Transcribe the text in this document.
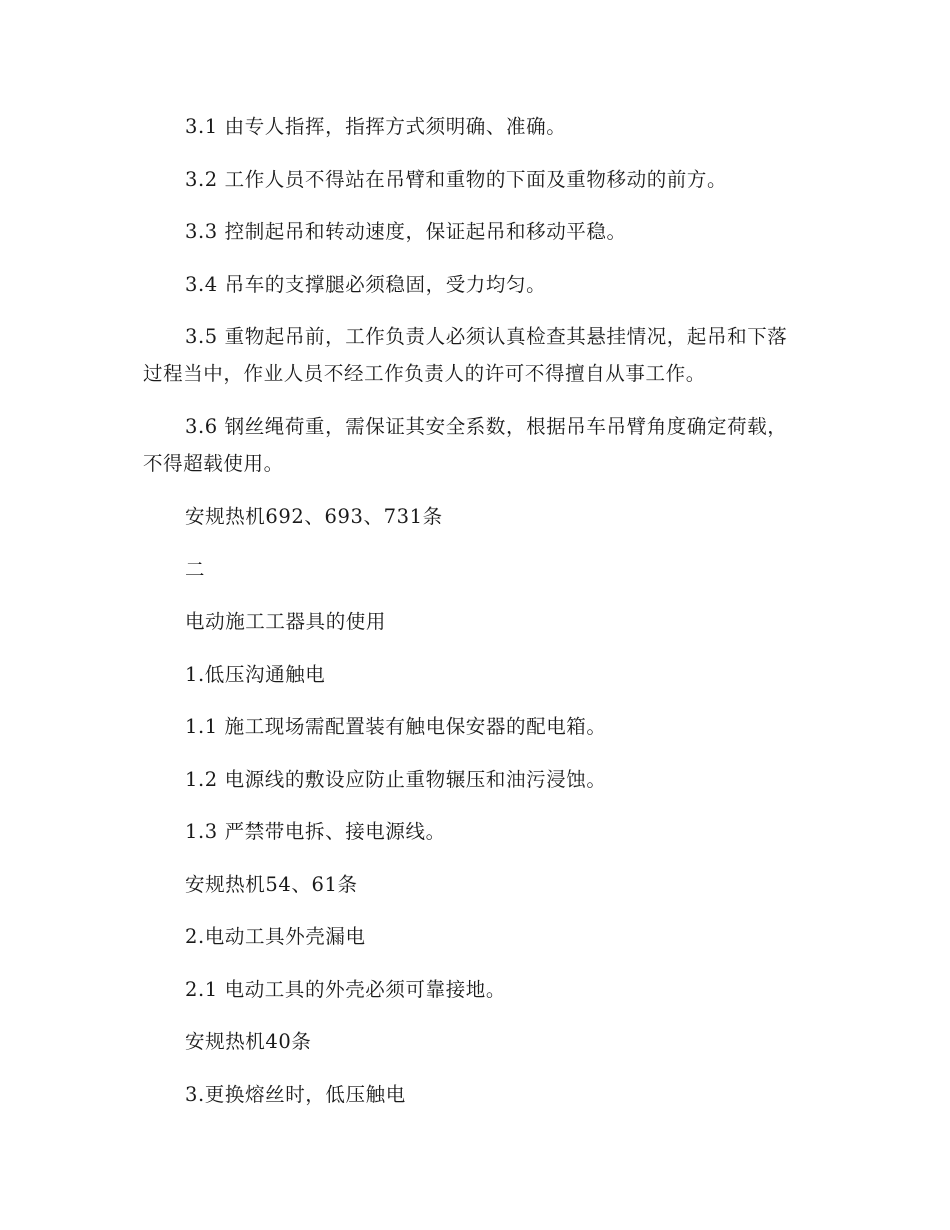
3.1 由专人指挥，指挥方式须明确、准确。

3.2 工作人员不得站在吊臂和重物的下面及重物移动的前方。

3.3 控制起吊和转动速度，保证起吊和移动平稳。

3.4 吊车的支撑腿必须稳固，受力均匀。

3.5 重物起吊前，工作负责人必须认真检查其悬挂情况，起吊和下落过程当中，作业人员不经工作负责人的许可不得擅自从事工作。

3.6 钢丝绳荷重，需保证其安全系数，根据吊车吊臂角度确定荷载，不得超载使用。

安规热机692、693、731条

二

电动施工工器具的使用

1.低压沟通触电

1.1 施工现场需配置装有触电保安器的配电箱。

1.2 电源线的敷设应防止重物辗压和油污浸蚀。

1.3 严禁带电拆、接电源线。

安规热机54、61条

2.电动工具外壳漏电

2.1 电动工具的外壳必须可靠接地。

安规热机40条

3.更换熔丝时，低压触电
